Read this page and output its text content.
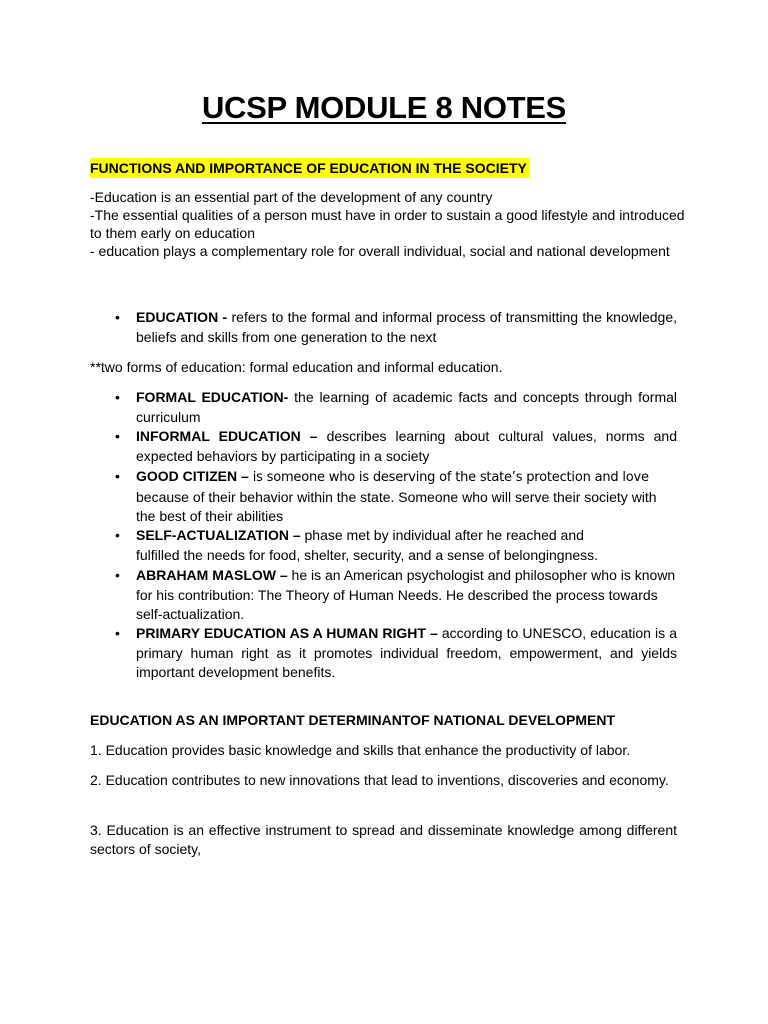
UCSP MODULE 8 NOTES
FUNCTIONS AND IMPORTANCE OF EDUCATION IN THE SOCIETY

-Education is an essential part of the development of any country

-The essential qualities of a person must have in order to sustain a good lifestyle and introduced to them early on education

- education plays a complementary role for overall individual, social and national development

• EDUCATION - refers to the formal and informal process of transmitting the knowledge, beliefs and skills from one generation to the next
**two forms of education: formal education and informal education.
• FORMAL EDUCATION- the learning of academic facts and concepts through formal curriculum
• INFORMAL EDUCATION – describes learning about cultural values, norms and expected behaviors by participating in a society
• GOOD CITIZEN – is someone who is deserving of the state’s protection and love because of their behavior within the state. Someone who will serve their society with the best of their abilities
• SELF-ACTUALIZATION – phase met by individual after he reached and fulfilled the needs for food, shelter, security, and a sense of belongingness.
• ABRAHAM MASLOW – he is an American psychologist and philosopher who is known for his contribution: The Theory of Human Needs. He described the process towards self-actualization.
• PRIMARY EDUCATION AS A HUMAN RIGHT – according to UNESCO, education is a primary human right as it promotes individual freedom, empowerment, and yields important development benefits.
EDUCATION AS AN IMPORTANT DETERMINANTOF NATIONAL DEVELOPMENT
1. Education provides basic knowledge and skills that enhance the productivity of labor.
2. Education contributes to new innovations that lead to inventions, discoveries and economy.
3. Education is an effective instrument to spread and disseminate knowledge among different sectors of society,
